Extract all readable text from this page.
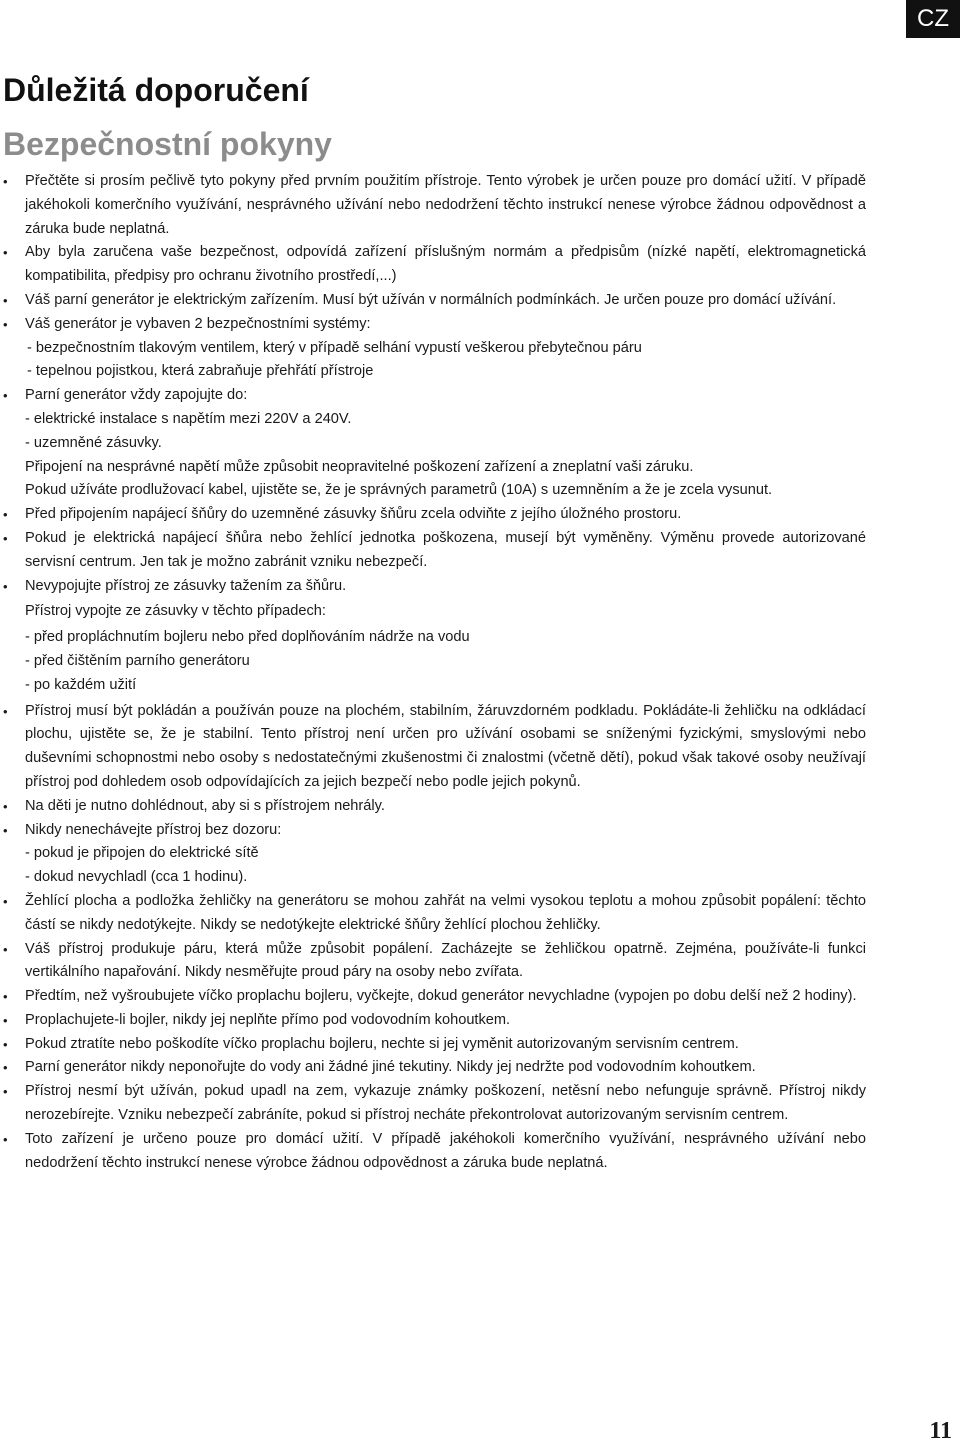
CZ
Důležitá doporučení
Bezpečnostní pokyny
• Přečtěte si prosím pečlivě tyto pokyny před prvním použitím přístroje. Tento výrobek je určen pouze pro domácí užití. V případě jakéhokoli komerčního využívání, nesprávného užívání nebo nedodržení těchto instrukcí nenese výrobce žádnou odpovědnost a záruka bude neplatná.
• Aby byla zaručena vaše bezpečnost, odpovídá zařízení příslušným normám a předpisům (nízké napětí, elektromagnetická kompatibilita, předpisy pro ochranu životního prostředí,...)
• Váš parní generátor je elektrickým zařízením. Musí být užíván v normálních podmínkách. Je určen pouze pro domácí užívání.
• Váš generátor je vybaven 2 bezpečnostními systémy:
- bezpečnostním tlakovým ventilem, který v případě selhání vypustí veškerou přebytečnou páru
- tepelnou pojistkou, která zabraňuje přehřátí přístroje
• Parní generátor vždy zapojujte do:
- elektrické instalace s napětím mezi 220V a 240V.
- uzemněné zásuvky.
Připojení na nesprávné napětí může způsobit neopravitelné poškození zařízení a zneplatní vaši záruku.
Pokud užíváte prodlužovací kabel, ujistěte se, že je správných parametrů (10A) s uzemněním a že je zcela vysunut.
• Před připojením napájecí šňůry do uzemněné zásuvky šňůru zcela odviňte z jejího úložného prostoru.
• Pokud je elektrická napájecí šňůra nebo žehlící jednotka poškozena, musejí být vyměněny. Výměnu provede autorizované servisní centrum. Jen tak je možno zabránit vzniku nebezpečí.
• Nevypojujte přístroj ze zásuvky tažením za šňůru.
Přístroj vypojte ze zásuvky v těchto případech:
- před propláchnutím bojleru nebo před doplňováním nádrže na vodu
- před čištěním parního generátoru
- po každém užití
• Přístroj musí být pokládán a používán pouze na plochém, stabilním, žáruvzdorném podkladu. Pokládáte-li žehličku na odkládací plochu, ujistěte se, že je stabilní. Tento přístroj není určen pro užívání osobami se sníženými fyzickými, smyslovými nebo duševními schopnostmi nebo osoby s nedostatečnými zkušenostmi či znalostmi (včetně dětí), pokud však takové osoby neužívají přístroj pod dohledem osob odpovídajících za jejich bezpečí nebo podle jejich pokynů.
• Na děti je nutno dohlédnout, aby si s přístrojem nehrály.
• Nikdy nenechávejte přístroj bez dozoru:
- pokud je připojen do elektrické sítě
- dokud nevychladl (cca 1 hodinu).
• Žehlící plocha a podložka žehličky na generátoru se mohou zahřát na velmi vysokou teplotu a mohou způsobit popálení: těchto částí se nikdy nedotýkejte. Nikdy se nedotýkejte elektrické šňůry žehlící plochou žehličky.
• Váš přístroj produkuje páru, která může způsobit popálení. Zacházejte se žehličkou opatrně. Zejména, používáte-li funkci vertikálního napařování. Nikdy nesměřujte proud páry na osoby nebo zvířata.
• Předtím, než vyšroubujete víčko proplachu bojleru, vyčkejte, dokud generátor nevychladne (vypojen po dobu delší než 2 hodiny).
• Proplachujete-li bojler, nikdy jej neplňte přímo pod vodovodním kohoutkem.
• Pokud ztratíte nebo poškodíte víčko proplachu bojleru, nechte si jej vyměnit autorizovaným servisním centrem.
• Parní generátor nikdy neponořujte do vody ani žádné jiné tekutiny. Nikdy jej nedržte pod vodovodním kohoutkem.
• Přístroj nesmí být užíván, pokud upadl na zem, vykazuje známky poškození, netěsní nebo nefunguje správně. Přístroj nikdy nerozebírejte. Vzniku nebezpečí zabráníte, pokud si přístroj necháte překontrolovat autorizovaným servisním centrem.
• Toto zařízení je určeno pouze pro domácí užití. V případě jakéhokoli komerčního využívání, nesprávného užívání nebo nedodržení těchto instrukcí nenese výrobce žádnou odpovědnost a záruka bude neplatná.
11
